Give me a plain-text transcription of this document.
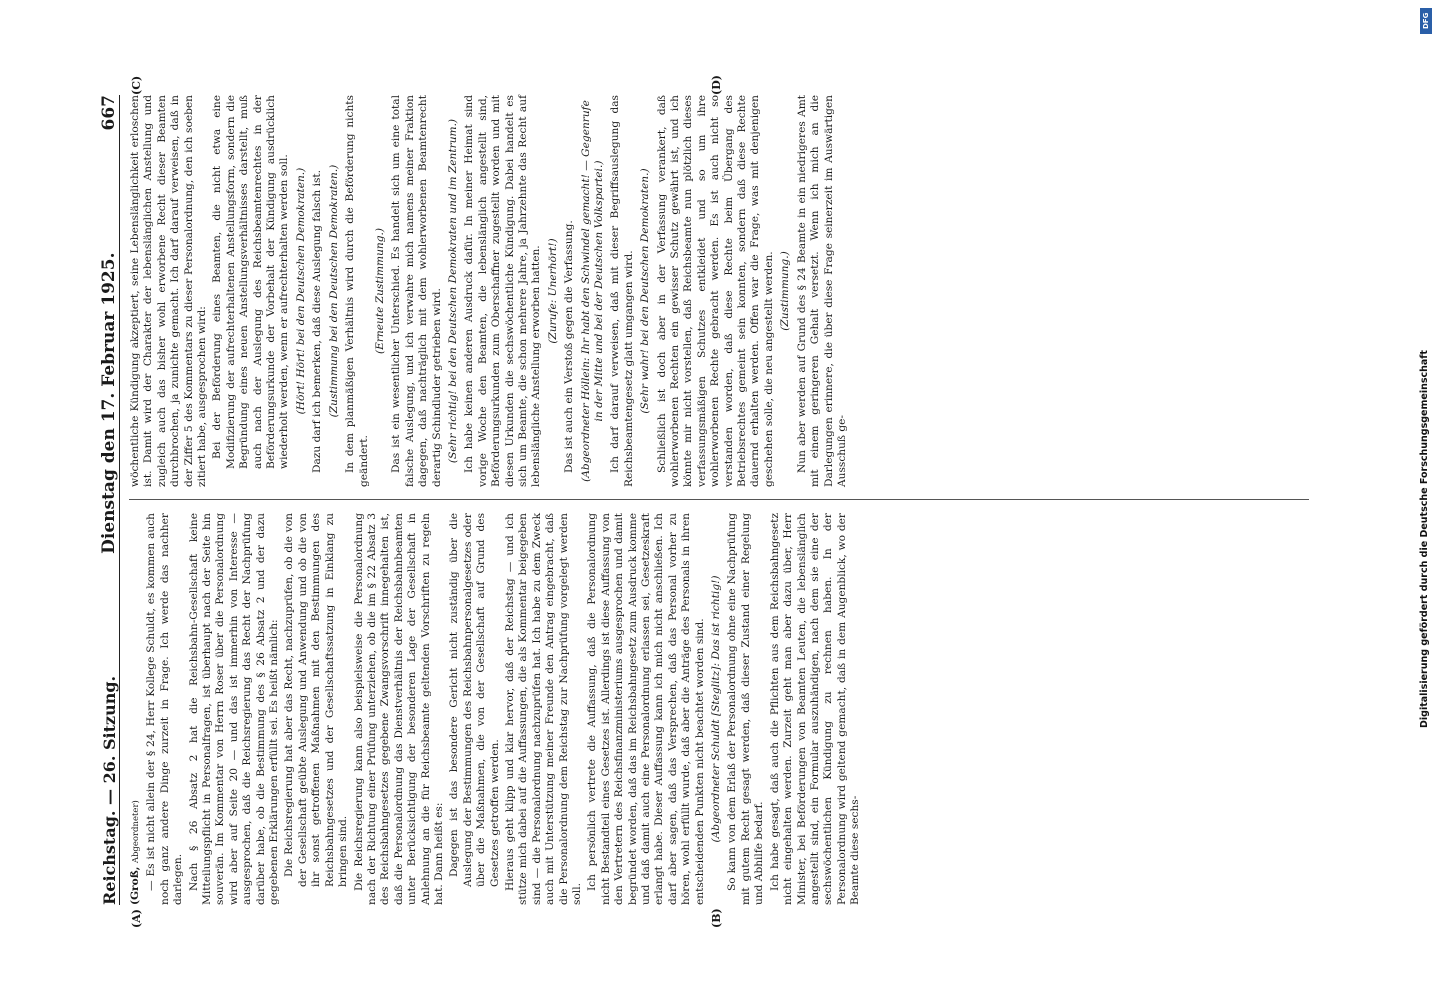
Reichstag. — 26. Sitzung.
Dienstag den 17. Februar 1925.
667

(Groß, Abgeordneter) — Es ist nicht allein der § 24, Herr Kollege Schuldt, es kommen auch noch ganz andere Dinge zurzeit in Frage. Ich werde das nachher darlegen. Nach § 26 Absatz 2 hat die Reichsbahn-Gesellschaft keine Mitteilungspflicht in Personalfragen, ist überhaupt nach der Seite hin souverän. Im Kommentar von Herrn Roser über die Personalordnung wird aber auf Seite 20 — und das ist immerhin von Interesse — ausgesprochen, daß die Reichsregierung das Recht der Nachprüfung darüber habe, ob die Bestimmung des § 26 Absatz 2 und der dazu gegebenen Erklärungen erfüllt sei. Es heißt nämlich: Die Reichsregierung hat aber das Recht, nachzuprüfen, ob die von der Gesellschaft geübte Auslegung und Anwendung und ob die von ihr sonst getroffenen Maßnahmen mit den Bestimmungen des Reichsbahngesetzes und der Gesellschaftssatzung in Einklang zu bringen sind. Die Reichsregierung kann also beispielsweise die Personalordnung nach der Richtung einer Prüfung unterziehen, ob die im § 22 Absatz 3 des Reichsbahngesetzes gegebene Zwangsvorschrift innegehalten ist, daß die Personalordnung das Dienstverhältnis der Reichsbahnbeamten unter Berücksichtigung der besonderen Lage der Gesellschaft in Anlehnung an die für Reichsbeamte geltenden Vorschriften zu regeln hat. Dann heißt es: Dagegen ist das besondere Gericht nicht zuständig über die Auslegung der Bestimmungen des Reichsbahnpersonalgesetzes oder über die Maßnahmen, die von der Gesellschaft auf Grund des Gesetzes getroffen werden. Hieraus geht klipp und klar hervor, daß der Reichstag — und ich stütze mich dabei auf die Auffassungen, die als Kommentar beigegeben sind — die Personalordnung nachzuprüfen hat. Ich habe zu dem Zweck auch mit Unterstützung meiner Freunde den Antrag eingebracht, daß die Personalordnung dem Reichstag zur Nachprüfung vorgelegt werden soll.

Ich persönlich vertrete die Auffassung, daß die Personalordnung nicht Bestandteil eines Gesetzes ist. Allerdings ist diese Auffassung von den Vertretern des Reichsfinanzministeriums ausgesprochen und damit begründet worden, daß das im Reichsbahngesetz zum Ausdruck komme und daß damit auch eine Personalordnung erlassen sei, Gesetzeskraft erlangt habe. Dieser Auffassung kann ich mich nicht anschließen. Ich darf aber sagen, daß das Versprechen, daß das Personal vorher zu hören, wohl erfüllt wurde, daß aber die Anträge des Personals in ihren entscheidenden Punkten nicht beachtet worden sind. (Abgeordneter Schuldt [Steglitz]: Das ist richtig!) So kann von dem Erlaß der Personalordnung ohne eine Nachprüfung mit gutem Recht gesagt werden, daß dieser Zustand einer Regelung und Abhilfe bedarf. Ich habe gesagt, daß auch die Pflichten aus dem Reichsbahngesetz nicht eingehalten werden. Zurzeit geht man aber dazu über, Herr Minister, bei Beförderungen von Beamten Leuten, die lebenslänglich angestellt sind, ein Formular auszuhändigen, nach dem sie eine der sechswöchentlichen Kündigung zu rechnen haben. In der Personalordnung wird geltend gemacht, daß in dem Augenblick, wo der Beamte diese sechs-

wöchentliche Kündigung akzeptiert, seine Lebenslänglichkeit erloschen ist. Damit wird der Charakter der lebenslänglichen Anstellung und zugleich auch das bisher wohl erworbene Recht dieser Beamten durchbrochen, ja zunichte gemacht. Ich darf darauf verweisen, daß in der Ziffer 5 des Kommentars zu dieser Personalordnung, den ich soeben zitiert habe, ausgesprochen wird: Bei der Beförderung eines Beamten, die nicht etwa eine Modifizierung der aufrechterhaltenen Anstellungsform, sondern die Begründung eines neuen Anstellungsverhältnisses darstellt, muß auch nach der Auslegung des Reichsbeamtenrechtes in der Beförderungsurkunde der Vorbehalt der Kündigung ausdrücklich wiederholt werden, wenn er aufrechterhalten werden soll. (Hört! Hört! bei den Deutschen Demokraten.) Dazu darf ich bemerken, daß diese Auslegung falsch ist. (Zustimmung bei den Deutschen Demokraten.) In dem planmäßigen Verhältnis wird durch die Beförderung nichts geändert.

(Erneute Zustimmung.) Das ist ein wesentlicher Unterschied. Es handelt sich um eine total falsche Auslegung, und ich verwahre mich namens meiner Fraktion dagegen, daß nachträglich mit dem wohlerworbenen Beamtenrecht derartig Schindluder getrieben wird. (Sehr richtig! bei den Deutschen Demokraten und im Zentrum.) Ich habe keinen anderen Ausdruck dafür. In meiner Heimat sind vorige Woche den Beamten, die lebenslänglich angestellt sind, Beförderungsurkunden zum Oberschaffner zugestellt worden und mit diesen Urkunden die sechswöchentliche Kündigung. Dabei handelt es sich um Beamte, die schon mehrere Jahre, ja Jahrzehnte das Recht auf lebenslängliche Anstellung erworben hatten. (Zurufe: Unerhört!) Das ist auch ein Verstoß gegen die Verfassung. (Abgeordneter Höllein: Ihr habt den Schwindel gemacht! — Gegenrufe in der Mitte und bei der Deutschen Volkspartei.) Ich darf darauf verweisen, daß mit dieser Begriffsauslegung das Reichsbeamtengesetz glatt umgangen wird. (Sehr wahr! bei den Deutschen Demokraten.) Schließlich ist doch aber in der Verfassung verankert, daß wohlerworbenen Rechten ein gewisser Schutz gewährt ist, und ich könnte mir nicht vorstellen, daß Reichsbeamte nun plötzlich dieses verfassungsmäßigen Schutzes entkleidet und so um ihre wohlerworbenen Rechte gebracht werden. Es ist auch nicht so verstanden worden, daß diese Rechte beim Übergang des Betriebsrechtes gemeint sein konnten, sondern daß diese Rechte dauernd erhalten werden. Offen war die Frage, was mit denjenigen geschehen solle, die neu angestellt werden. (Zustimmung.) Nun aber werden auf Grund des § 24 Beamte in ein niedrigeres Amt mit einem geringeren Gehalt versetzt. Wenn ich mich an die Darlegungen erinnere, die über diese Frage seinerzeit im Auswärtigen Ausschuß ge-

(A)	(B)
(C)	(D)
DFG
Digitalisierung gefördert durch die Deutsche Forschungsgemeinschaft
